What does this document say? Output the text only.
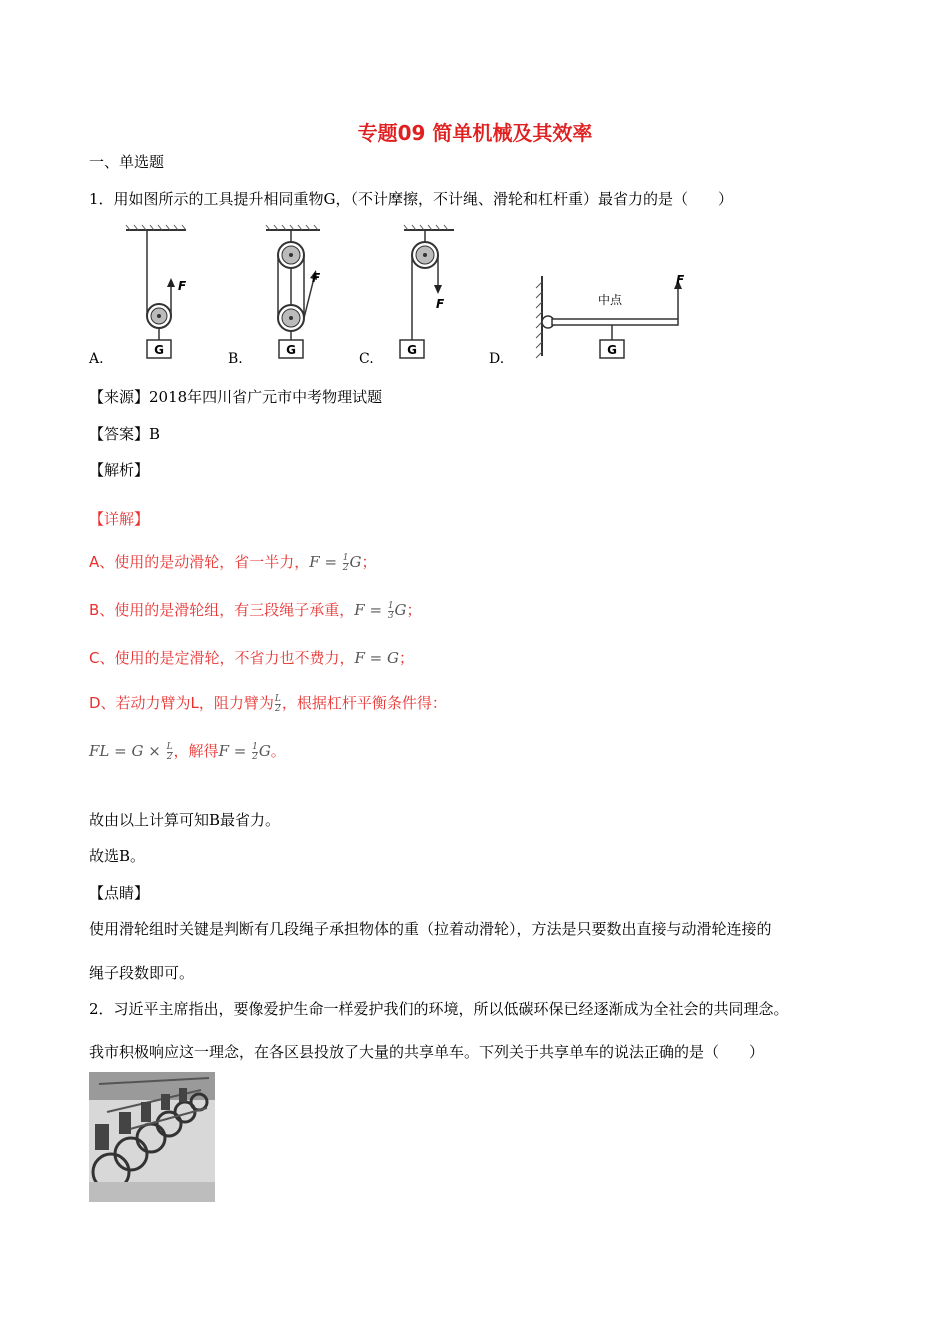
专题09 简单机械及其效率
一、单选题
1．用如图所示的工具提升相同重物G，（不计摩擦，不计绳、滑轮和杠杆重）最省力的是（　　）
G
F
A.
G
F
B.
G
F
C.
F
中点
G
D.
【来源】2018年四川省广元市中考物理试题
【答案】B
【解析】
【详解】
A、使用的是动滑轮，省一半力，$F = \frac{1}{2}$ G；
B、使用的是滑轮组，有三段绳子承重，$F = \frac{1}{3}$ G；
C、使用的是定滑轮，不省力也不费力，F = G；
D、若动力臂为L，阻力臂为 $\frac{L}{2}$ ，根据杠杆平衡条件得：
FL = $G \times \frac{L}{2}$ ，解得$F = \frac{1}{2}$ G。
故由以上计算可知B最省力。
故选B。
【点睛】
使用滑轮组时关键是判断有几段绳子承担物体的重（拉着动滑轮），方法是只要数出直接与动滑轮连接的
绳子段数即可。
2．习近平主席指出，要像爱护生命一样爱护我们的环境，所以低碳环保已经逐渐成为全社会的共同理念。
我市积极响应这一理念，在各区县投放了大量的共享单车。下列关于共享单车的说法正确的是（　　）
